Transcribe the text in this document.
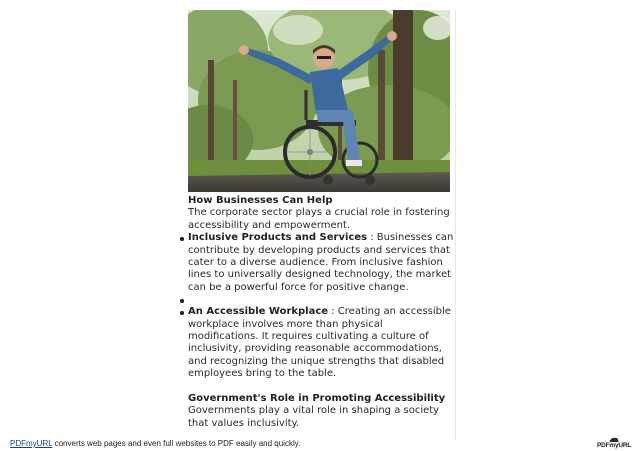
How Businesses Can Help

The corporate sector plays a crucial role in fostering accessibility and empowerment.

Inclusive Products and Services : Businesses can contribute by developing products and services that cater to a diverse audience. From inclusive fashion lines to universally designed technology, the market can be a powerful force for positive change.
An Accessible Workplace : Creating an accessible workplace involves more than physical modifications. It requires cultivating a culture of inclusivity, providing reasonable accommodations, and recognizing the unique strengths that disabled employees bring to the table.
Government's Role in Promoting Accessibility

Governments play a vital role in shaping a society that values inclusivity.

PDFmyURL converts web pages and even full websites to PDF easily and quickly.	PDFmyURL
